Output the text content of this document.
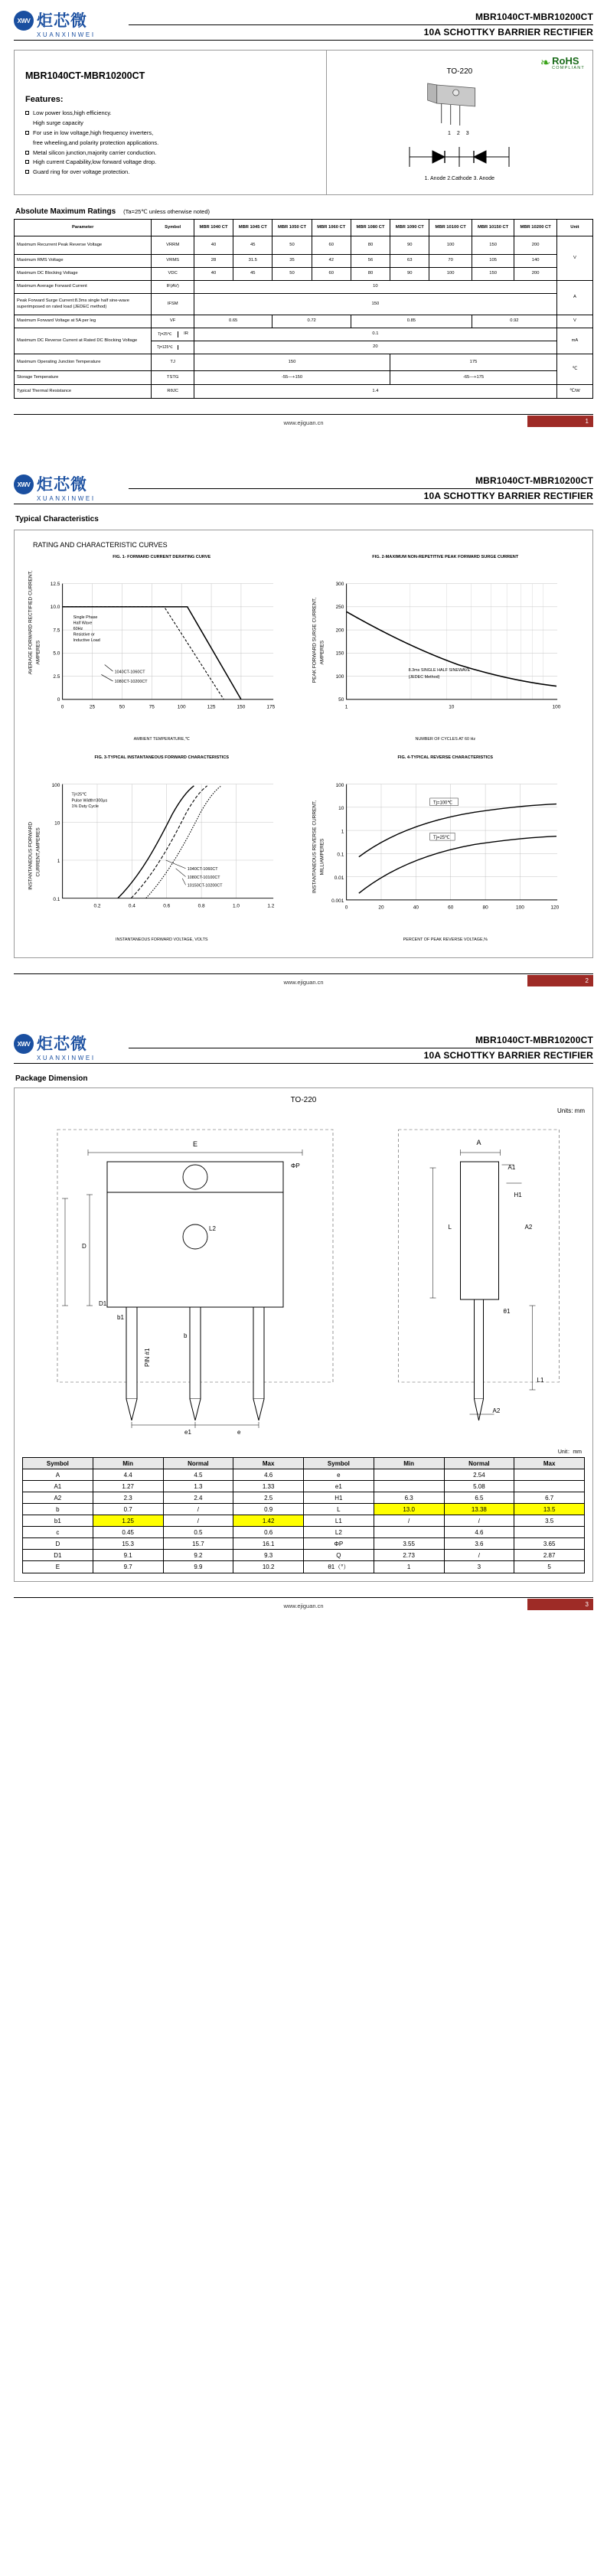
XWV 炬芯微
XUANXINWEI
MBR1040CT-MBR10200CT
10A SCHOTTKY BARRIER RECTIFIER
MBR1040CT-MBR10200CT
Features:
Low power loss,high efficiency.
High surge capacity
For use in low voltage,high frequency inverters,
free wheeling,and polarity protection applications.
Metal silicon junction,majority carrier conduction.
High current Capability,low forward voltage drop.
Guard ring for over voltage protection.
❧ RoHS
COMPLIANT
TO-220
1 2 3
1. Anode 2.Cathode 3. Anode
Absolute Maximum Ratings (Ta=25℃ unless otherwise noted)
Parameter	Symbol	MBR 1040 CT	MBR 1045 CT	MBR 1050 CT	MBR 1060 CT	MBR 1080 CT	MBR 1090 CT	MBR 10100 CT	MBR 10150 CT	MBR 10200 CT	Unit
Maximum Recurrent Peak Reverse Voltage	VRRM	40	45	50	60	80	90	100	150	200	V
Maximum RMS Voltage	VRMS	28	31.5	35	42	56	63	70	105	140	
Maximum DC Blocking Voltage	VDC	40	45	50	60	80	90	100	150	200	
Maximum Average Forward Current	IF(AV)	10									A
Peak Forward Surge Current:8.3ms single half sine-wave superimposed on rated load (JEDEC method)	IFSM	150									
Maximum Forward Voltage at 5A per leg	VF	0.65		0.72		0.85			0.92		V
Maximum DC Reverse Current at Rated DC Blocking Voltage	Tj=25℃ IR	0.1									mA

Tj=125℃	20									
Maximum Operating Junction Temperature	TJ	150					175				℃
Storage Temperature	TSTG	-55—+150					-65—+175				
Typical Thermal Resistance	RθJC	1.4									℃/W
www.ejiguan.cn	1
XWV 炬芯微
XUANXINWEI
MBR1040CT-MBR10200CT
10A SCHOTTKY BARRIER RECTIFIER
Typical Characteristics
RATING AND CHARACTERISTIC CURVES
FIG. 1- FORWARD CURRENT DERATING CURVE
AVERAGE FORWARD RECTIFIED CURRENT, AMPERES
12.5
10.0
7.5
5.0
2.5
0
0	25	50	75	100	125	150	175
Single Phase
Half Wave
60Hz
Resistive or
Inductive Load
1040CT-1060CT
1080CT-10200CT
AMBIENT TEMPERATURE,℃
FIG. 2-MAXIMUM NON-REPETITIVE PEAK FORWARD SURGE CURRENT
PEAK FORWARD SURGE CURRENT, AMPERES
300
250
200
150
100
50
1	10	100
8.3ms SINGLE HALF SINEWAVE
(JEDEC Method)
NUMBER OF CYCLES AT 60 Hz
FIG. 3-TYPICAL INSTANTANEOUS FORWARD CHARACTERISTICS
INSTANTANEOUS FORWARD CURRENT,AMPERES
100
10
1
0.1
0.2	0.4	0.6	0.8	1.0	1.2
Tj=25℃
Pulse Width=300μs
1% Duty Cycle
1040CT-1060CT
1080CT-10100CT
10150CT-10200CT
INSTANTANEOUS FORWARD VOLTAGE, VOLTS
FIG. 4-TYPICAL REVERSE CHARACTERISTICS
INSTANTANEOUS REVERSE CURRENT, MILLIAMPERES
100
10
1
0.1
0.01
0.001
0	20	40	60	80	100	120
Tj=100℃
Tj=25℃
PERCENT OF PEAK REVERSE VOLTAGE,%
www.ejiguan.cn	2
XWV 炬芯微
XUANXINWEI
MBR1040CT-MBR10200CT
10A SCHOTTKY BARRIER RECTIFIER
Package Dimension
TO-220
Units: mm
E
ΦP
D
D1
L2
b1
b
PIN #1
e1	e
A
A1
H1
A2
L
θ1
A2
L1
Unit：mm
Symbol	Min	Normal	Max	Symbol	Min	Normal	Max
A	4.4	4.5	4.6	e		2.54	
A1	1.27	1.3	1.33	e1		5.08	
A2	2.3	2.4	2.5	H1	6.3	6.5	6.7
b	0.7	/	0.9	L	13.0	13.38	13.5
b1	1.25	/	1.42	L1	/	/	3.5
c	0.45	0.5	0.6	L2		4.6	
D	15.3	15.7	16.1	ΦP	3.55	3.6	3.65
D1	9.1	9.2	9.3	Q	2.73	/	2.87
E	9.7	9.9	10.2	θ1（°）	1	3	5
www.ejiguan.cn	3
